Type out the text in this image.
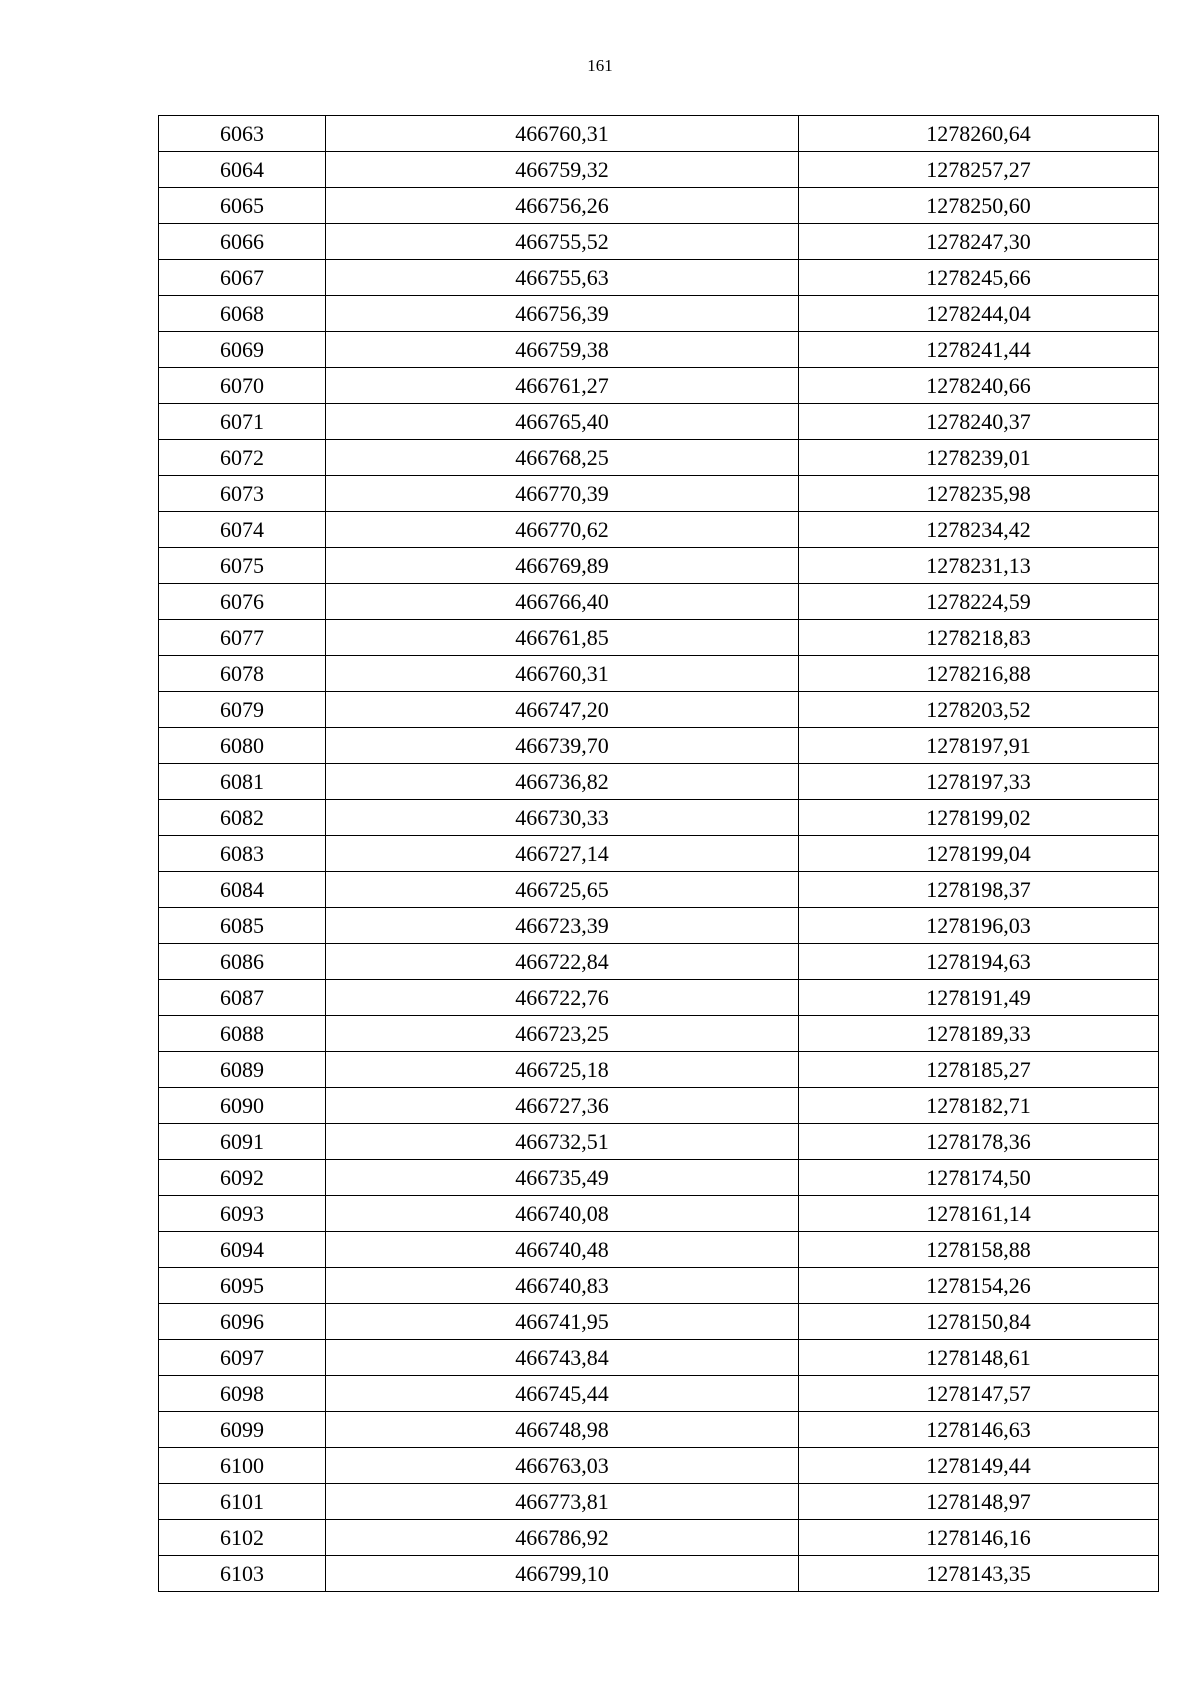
161
6063	466760,31	1278260,64
6064	466759,32	1278257,27
6065	466756,26	1278250,60
6066	466755,52	1278247,30
6067	466755,63	1278245,66
6068	466756,39	1278244,04
6069	466759,38	1278241,44
6070	466761,27	1278240,66
6071	466765,40	1278240,37
6072	466768,25	1278239,01
6073	466770,39	1278235,98
6074	466770,62	1278234,42
6075	466769,89	1278231,13
6076	466766,40	1278224,59
6077	466761,85	1278218,83
6078	466760,31	1278216,88
6079	466747,20	1278203,52
6080	466739,70	1278197,91
6081	466736,82	1278197,33
6082	466730,33	1278199,02
6083	466727,14	1278199,04
6084	466725,65	1278198,37
6085	466723,39	1278196,03
6086	466722,84	1278194,63
6087	466722,76	1278191,49
6088	466723,25	1278189,33
6089	466725,18	1278185,27
6090	466727,36	1278182,71
6091	466732,51	1278178,36
6092	466735,49	1278174,50
6093	466740,08	1278161,14
6094	466740,48	1278158,88
6095	466740,83	1278154,26
6096	466741,95	1278150,84
6097	466743,84	1278148,61
6098	466745,44	1278147,57
6099	466748,98	1278146,63
6100	466763,03	1278149,44
6101	466773,81	1278148,97
6102	466786,92	1278146,16
6103	466799,10	1278143,35
